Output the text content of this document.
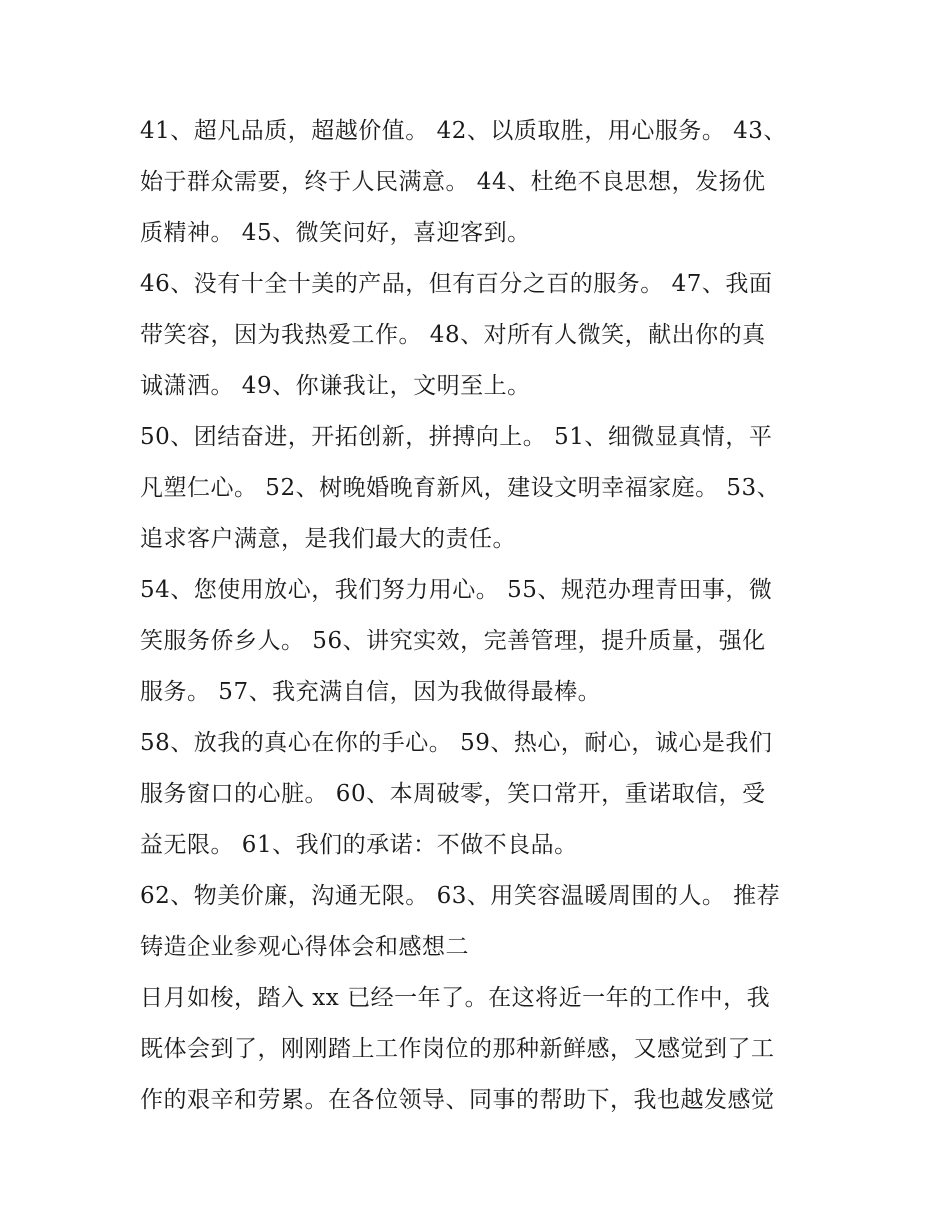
41、超凡品质，超越价值。 42、以质取胜，用心服务。 43、
始于群众需要，终于人民满意。 44、杜绝不良思想，发扬优
质精神。 45、微笑问好，喜迎客到。
46、没有十全十美的产品，但有百分之百的服务。 47、我面
带笑容，因为我热爱工作。 48、对所有人微笑，献出你的真
诚潇洒。 49、你谦我让，文明至上。
50、团结奋进，开拓创新，拼搏向上。 51、细微显真情，平
凡塑仁心。 52、树晚婚晚育新风，建设文明幸福家庭。 53、
追求客户满意，是我们最大的责任。
54、您使用放心，我们努力用心。 55、规范办理青田事，微
笑服务侨乡人。 56、讲究实效，完善管理，提升质量，强化
服务。 57、我充满自信，因为我做得最棒。
58、放我的真心在你的手心。 59、热心，耐心，诚心是我们
服务窗口的心脏。 60、本周破零，笑口常开，重诺取信，受
益无限。 61、我们的承诺：不做不良品。
62、物美价廉，沟通无限。 63、用笑容温暖周围的人。 推荐
铸造企业参观心得体会和感想二
日月如梭，踏入 xx 已经一年了。在这将近一年的工作中，我
既体会到了，刚刚踏上工作岗位的那种新鲜感，又感觉到了工
作的艰辛和劳累。在各位领导、同事的帮助下，我也越发感觉
